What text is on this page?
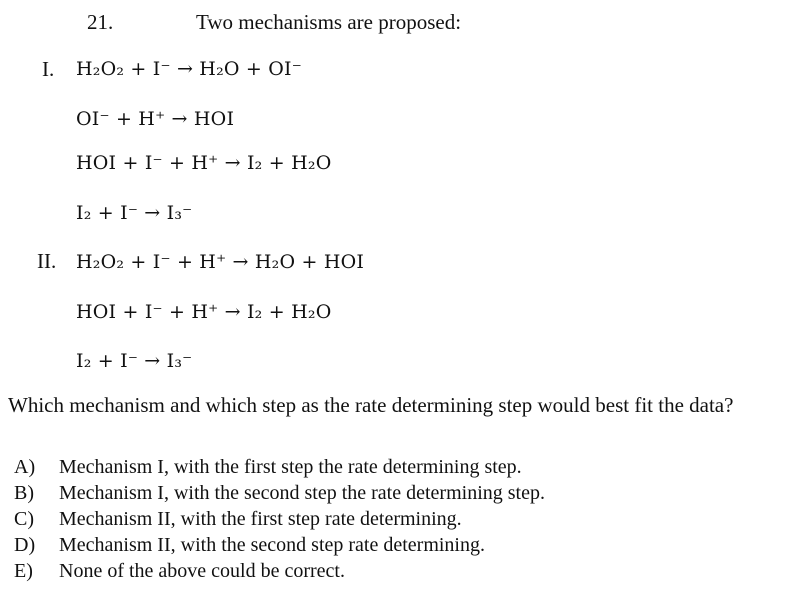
21.	Two mechanisms are proposed:
I. H₂O₂ + I⁻ → H₂O + OI⁻
OI⁻ + H⁺ → HOI
HOI + I⁻ + H⁺ → I₂ + H₂O
I₂ + I⁻ → I₃⁻
II. H₂O₂ + I⁻ + H⁺ → H₂O + HOI
HOI + I⁻ + H⁺ → I₂ + H₂O
I₂ + I⁻ → I₃⁻
Which mechanism and which step as the rate determining step would best fit the data?
A) Mechanism I, with the first step the rate determining step.
B) Mechanism I, with the second step the rate determining step.
C) Mechanism II, with the first step rate determining.
D) Mechanism II, with the second step rate determining.
E) None of the above could be correct.
